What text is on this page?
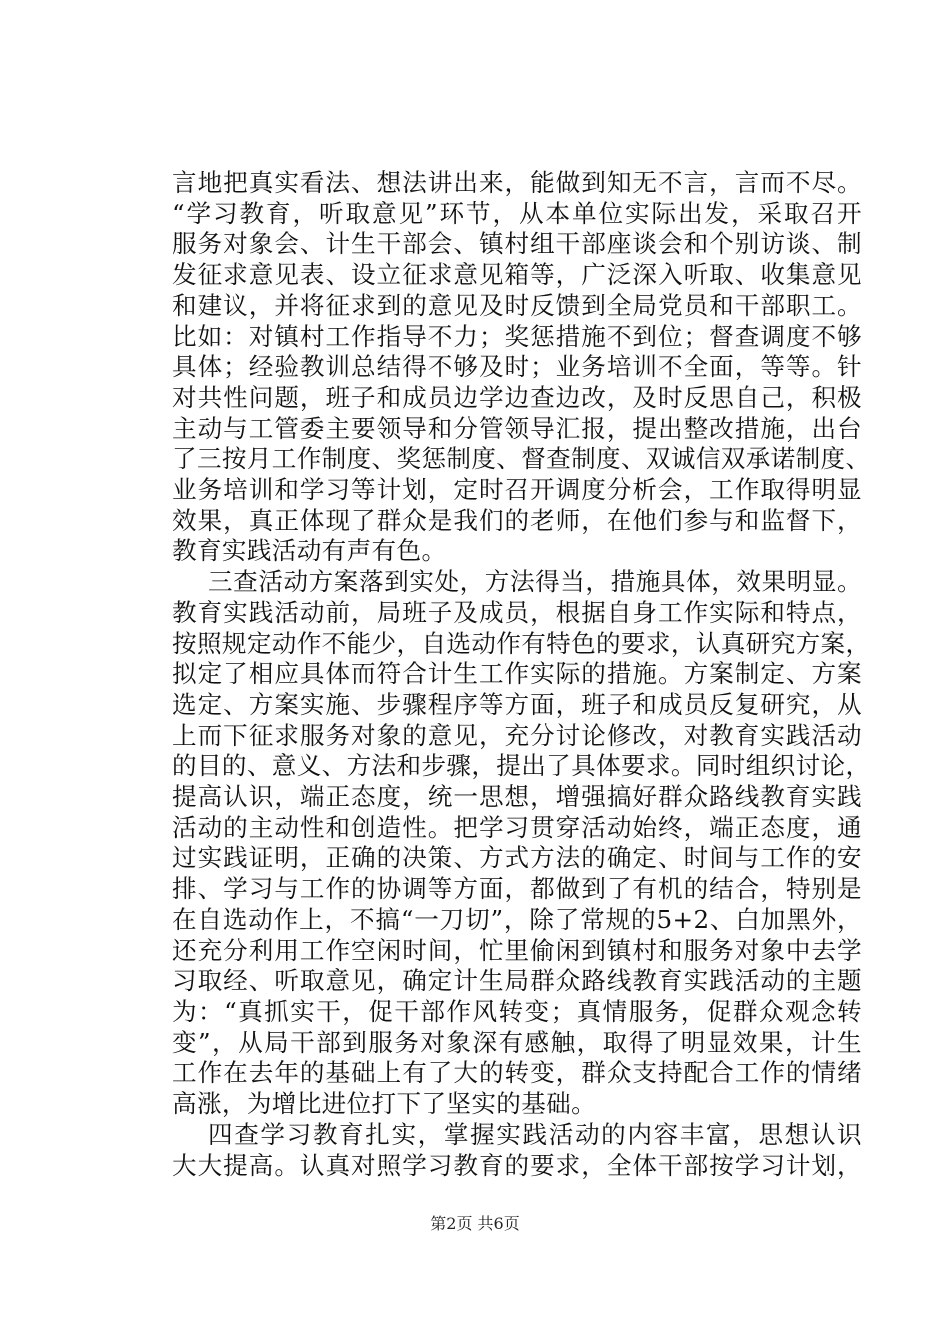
言地把真实看法、想法讲出来，能做到知无不言，言而不尽。
“学习教育，听取意见”环节，从本单位实际出发，采取召开
服务对象会、计生干部会、镇村组干部座谈会和个别访谈、制
发征求意见表、设立征求意见箱等，广泛深入听取、收集意见
和建议，并将征求到的意见及时反馈到全局党员和干部职工。
比如：对镇村工作指导不力；奖惩措施不到位；督查调度不够
具体；经验教训总结得不够及时；业务培训不全面，等等。针
对共性问题，班子和成员边学边查边改，及时反思自己，积极
主动与工管委主要领导和分管领导汇报，提出整改措施，出台
了三按月工作制度、奖惩制度、督查制度、双诚信双承诺制度、
业务培训和学习等计划，定时召开调度分析会，工作取得明显
效果，真正体现了群众是我们的老师，在他们参与和监督下，
教育实践活动有声有色。
三查活动方案落到实处，方法得当，措施具体，效果明显。
教育实践活动前，局班子及成员，根据自身工作实际和特点，
按照规定动作不能少，自选动作有特色的要求，认真研究方案，
拟定了相应具体而符合计生工作实际的措施。方案制定、方案
选定、方案实施、步骤程序等方面，班子和成员反复研究，从
上而下征求服务对象的意见，充分讨论修改，对教育实践活动
的目的、意义、方法和步骤，提出了具体要求。同时组织讨论，
提高认识，端正态度，统一思想，增强搞好群众路线教育实践
活动的主动性和创造性。把学习贯穿活动始终，端正态度，通
过实践证明，正确的决策、方式方法的确定、时间与工作的安
排、学习与工作的协调等方面，都做到了有机的结合，特别是
在自选动作上，不搞“一刀切”，除了常规的5+2、白加黑外，
还充分利用工作空闲时间，忙里偷闲到镇村和服务对象中去学
习取经、听取意见，确定计生局群众路线教育实践活动的主题
为：“真抓实干，促干部作风转变；真情服务，促群众观念转
变”，从局干部到服务对象深有感触，取得了明显效果，计生
工作在去年的基础上有了大的转变，群众支持配合工作的情绪
高涨，为增比进位打下了坚实的基础。
四查学习教育扎实，掌握实践活动的内容丰富，思想认识
大大提高。认真对照学习教育的要求，全体干部按学习计划，
第2页 共6页
